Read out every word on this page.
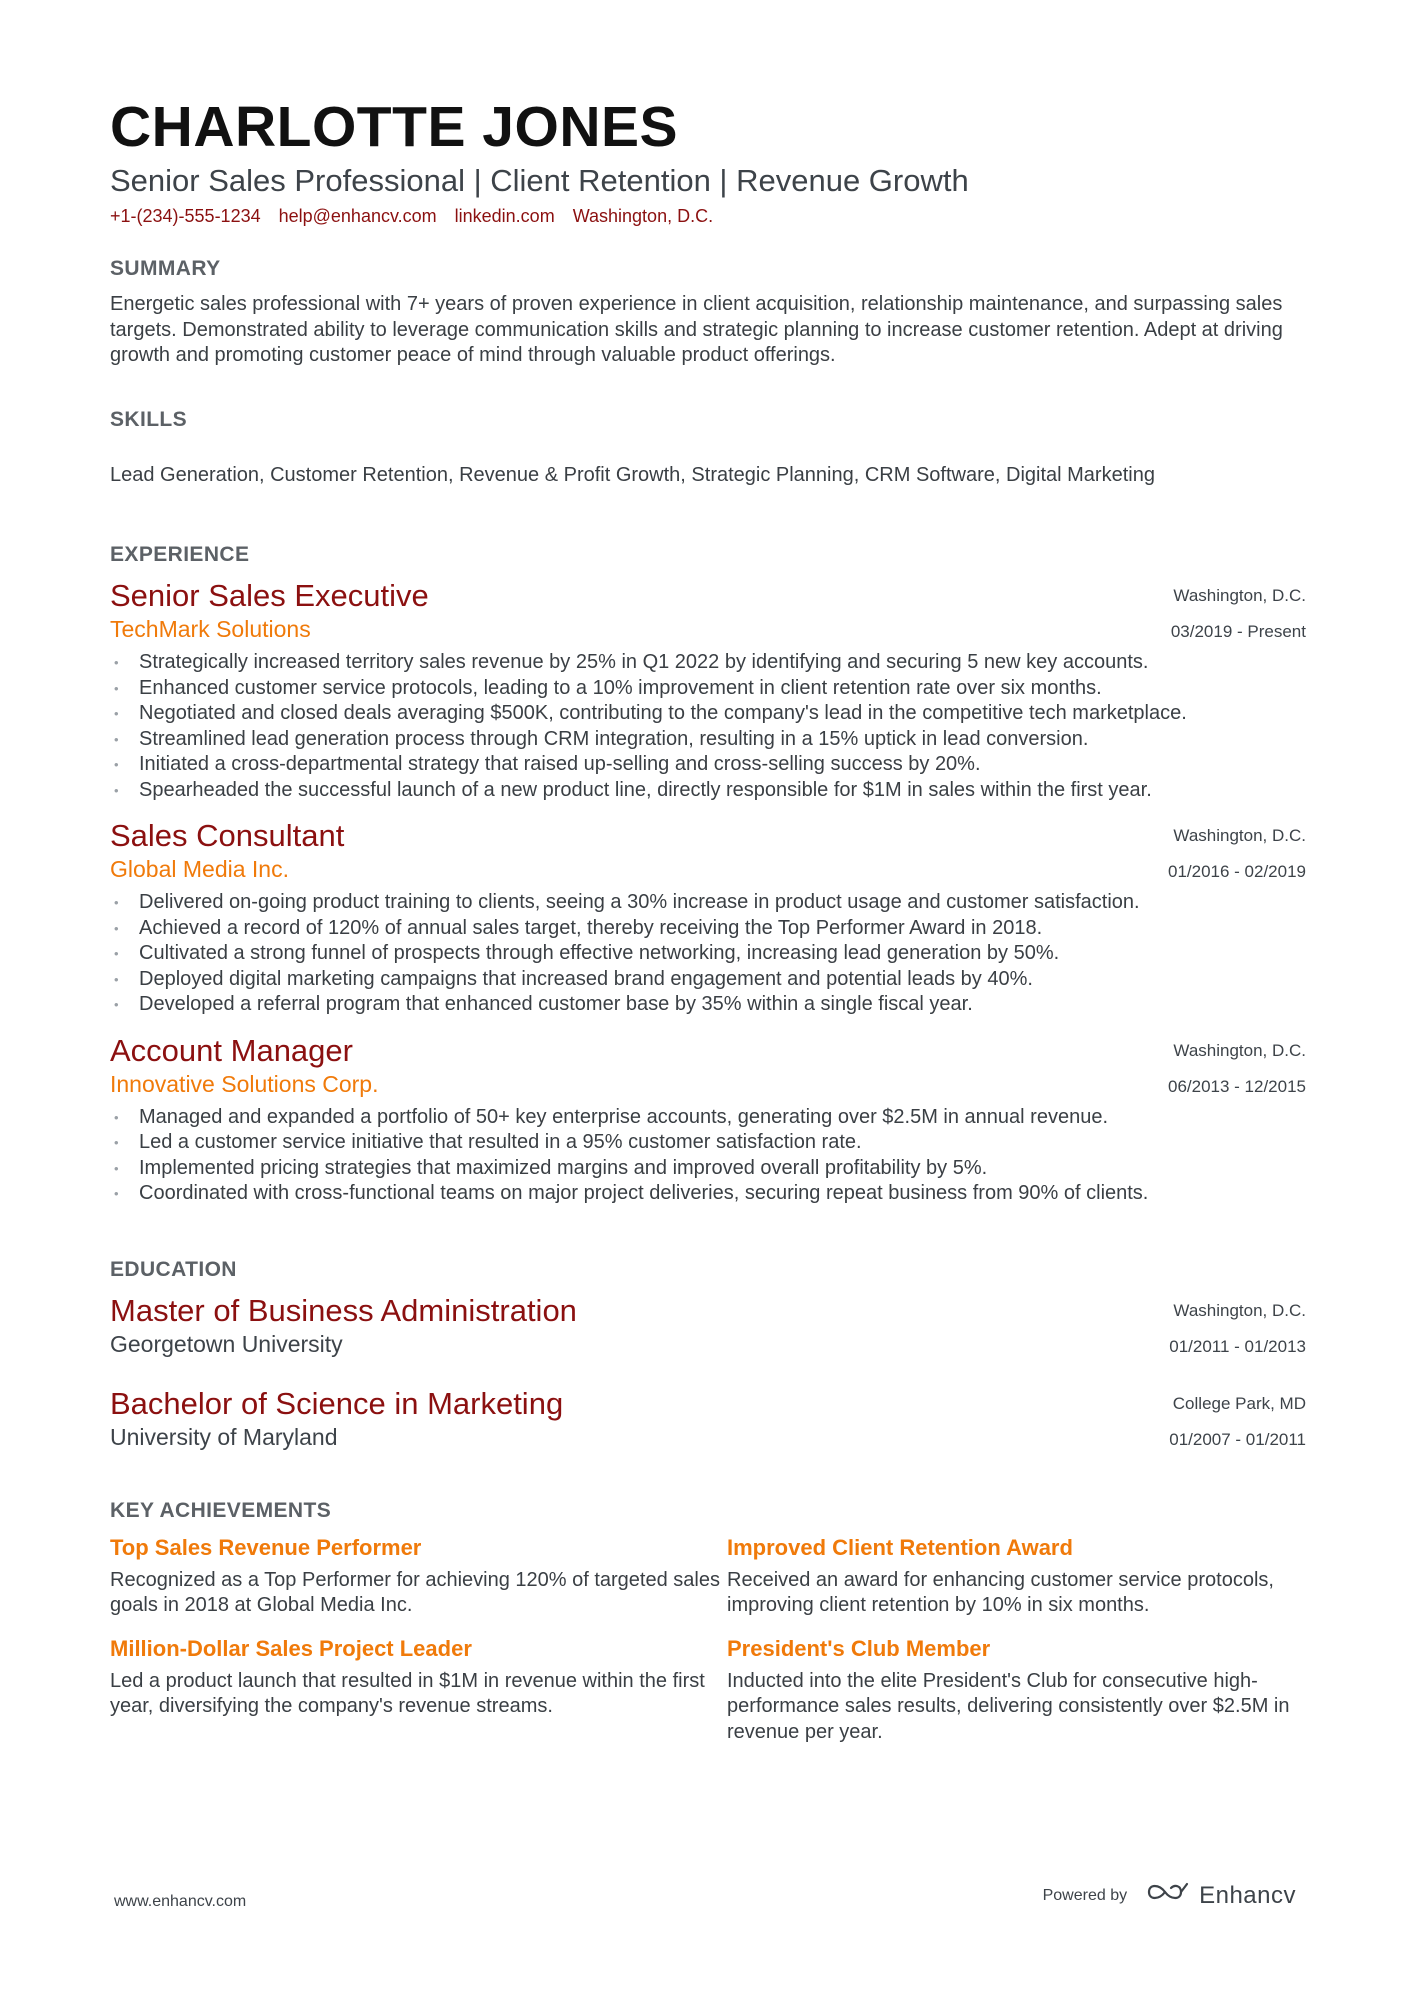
CHARLOTTE JONES
Senior Sales Professional | Client Retention | Revenue Growth
+1-(234)-555-1234 help@enhancv.com linkedin.com Washington, D.C.
SUMMARY
Energetic sales professional with 7+ years of proven experience in client acquisition, relationship maintenance, and surpassing sales targets. Demonstrated ability to leverage communication skills and strategic planning to increase customer retention. Adept at driving growth and promoting customer peace of mind through valuable product offerings.
SKILLS
Lead Generation, Customer Retention, Revenue & Profit Growth, Strategic Planning, CRM Software, Digital Marketing
EXPERIENCE
Senior Sales Executive
TechMark Solutions
Washington, D.C.
03/2019 - Present
• Strategically increased territory sales revenue by 25% in Q1 2022 by identifying and securing 5 new key accounts.
• Enhanced customer service protocols, leading to a 10% improvement in client retention rate over six months.
• Negotiated and closed deals averaging $500K, contributing to the company's lead in the competitive tech marketplace.
• Streamlined lead generation process through CRM integration, resulting in a 15% uptick in lead conversion.
• Initiated a cross-departmental strategy that raised up-selling and cross-selling success by 20%.
• Spearheaded the successful launch of a new product line, directly responsible for $1M in sales within the first year.
Sales Consultant
Global Media Inc.
Washington, D.C.
01/2016 - 02/2019
• Delivered on-going product training to clients, seeing a 30% increase in product usage and customer satisfaction.
• Achieved a record of 120% of annual sales target, thereby receiving the Top Performer Award in 2018.
• Cultivated a strong funnel of prospects through effective networking, increasing lead generation by 50%.
• Deployed digital marketing campaigns that increased brand engagement and potential leads by 40%.
• Developed a referral program that enhanced customer base by 35% within a single fiscal year.
Account Manager
Innovative Solutions Corp.
Washington, D.C.
06/2013 - 12/2015
• Managed and expanded a portfolio of 50+ key enterprise accounts, generating over $2.5M in annual revenue.
• Led a customer service initiative that resulted in a 95% customer satisfaction rate.
• Implemented pricing strategies that maximized margins and improved overall profitability by 5%.
• Coordinated with cross-functional teams on major project deliveries, securing repeat business from 90% of clients.
EDUCATION
Master of Business Administration
Georgetown University
Washington, D.C.
01/2011 - 01/2013
Bachelor of Science in Marketing
University of Maryland
College Park, MD
01/2007 - 01/2011
KEY ACHIEVEMENTS
Top Sales Revenue Performer
Recognized as a Top Performer for achieving 120% of targeted sales goals in 2018 at Global Media Inc.
Improved Client Retention Award
Received an award for enhancing customer service protocols, improving client retention by 10% in six months.
Million-Dollar Sales Project Leader
Led a product launch that resulted in $1M in revenue within the first year, diversifying the company's revenue streams.
President's Club Member
Inducted into the elite President's Club for consecutive high-performance sales results, delivering consistently over $2.5M in revenue per year.
www.enhancv.com	Powered by	Enhancv
